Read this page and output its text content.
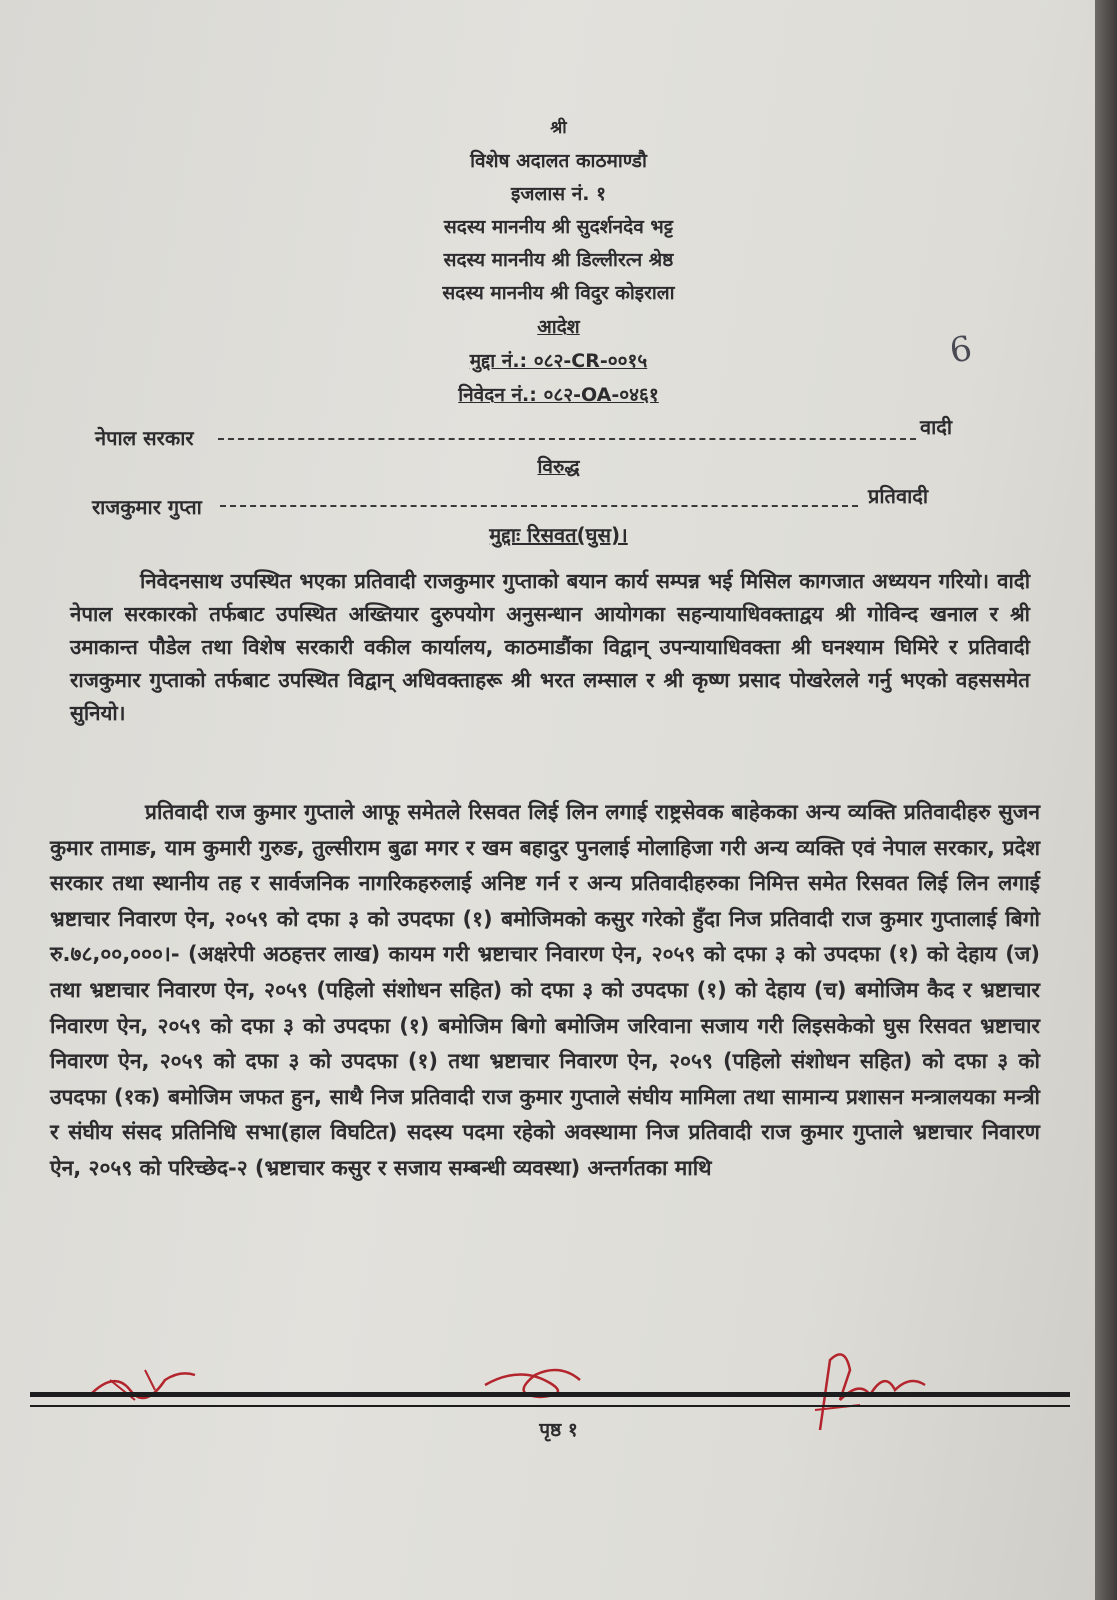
श्री
विशेष अदालत काठमाण्डौ
इजलास नं. १
सदस्य माननीय श्री सुदर्शनदेव भट्ट
सदस्य माननीय श्री डिल्लीरत्न श्रेष्ठ
सदस्य माननीय श्री विदुर कोइराला
आदेश
मुद्दा नं.: ०८२-CR-००१५
निवेदन नं.: ०८२-OA-०४६१
6
नेपाल सरकार	वादी
विरुद्ध
राजकुमार गुप्ता	प्रतिवादी
मुद्दाः रिसवत(घुस)।

निवेदनसाथ उपस्थित भएका प्रतिवादी राजकुमार गुप्ताको बयान कार्य सम्पन्न भई मिसिल कागजात अध्ययन गरियो। वादी नेपाल सरकारको तर्फबाट उपस्थित अख्तियार दुरुपयोग अनुसन्धान आयोगका सहन्यायाधिवक्ताद्वय श्री गोविन्द खनाल र श्री उमाकान्त पौडेल तथा विशेष सरकारी वकील कार्यालय, काठमाडौंका विद्वान् उपन्यायाधिवक्ता श्री घनश्याम घिमिरे र प्रतिवादी राजकुमार गुप्ताको तर्फबाट उपस्थित विद्वान् अधिवक्ताहरू श्री भरत लम्साल र श्री कृष्ण प्रसाद पोखरेलले गर्नु भएको वहससमेत सुनियो।

प्रतिवादी राज कुमार गुप्ताले आफू समेतले रिसवत लिई लिन लगाई राष्ट्रसेवक बाहेकका अन्य व्यक्ति प्रतिवादीहरु सुजन कुमार तामाङ, याम कुमारी गुरुङ, तुल्सीराम बुढा मगर र खम बहादुर पुनलाई मोलाहिजा गरी अन्य व्यक्ति एवं नेपाल सरकार, प्रदेश सरकार तथा स्थानीय तह र सार्वजनिक नागरिकहरुलाई अनिष्ट गर्न र अन्य प्रतिवादीहरुका निमित्त समेत रिसवत लिई लिन लगाई भ्रष्टाचार निवारण ऐन, २०५९ को दफा ३ को उपदफा (१) बमोजिमको कसुर गरेको हुँदा निज प्रतिवादी राज कुमार गुप्तालाई बिगो रु.७८,००,०००।- (अक्षरेपी अठहत्तर लाख) कायम गरी भ्रष्टाचार निवारण ऐन, २०५९ को दफा ३ को उपदफा (१) को देहाय (ज) तथा भ्रष्टाचार निवारण ऐन, २०५९ (पहिलो संशोधन सहित) को दफा ३ को उपदफा (१) को देहाय (च) बमोजिम कैद र भ्रष्टाचार निवारण ऐन, २०५९ को दफा ३ को उपदफा (१) बमोजिम बिगो बमोजिम जरिवाना सजाय गरी लिइसकेको घुस रिसवत भ्रष्टाचार निवारण ऐन, २०५९ को दफा ३ को उपदफा (१) तथा भ्रष्टाचार निवारण ऐन, २०५९ (पहिलो संशोधन सहित) को दफा ३ को उपदफा (१क) बमोजिम जफत हुन, साथै निज प्रतिवादी राज कुमार गुप्ताले संघीय मामिला तथा सामान्य प्रशासन मन्त्रालयका मन्त्री र संघीय संसद प्रतिनिधि सभा(हाल विघटित) सदस्य पदमा रहेको अवस्थामा निज प्रतिवादी राज कुमार गुप्ताले भ्रष्टाचार निवारण ऐन, २०५९ को परिच्छेद-२ (भ्रष्टाचार कसुर र सजाय सम्बन्धी व्यवस्था) अन्तर्गतका माथि

पृष्ठ १
